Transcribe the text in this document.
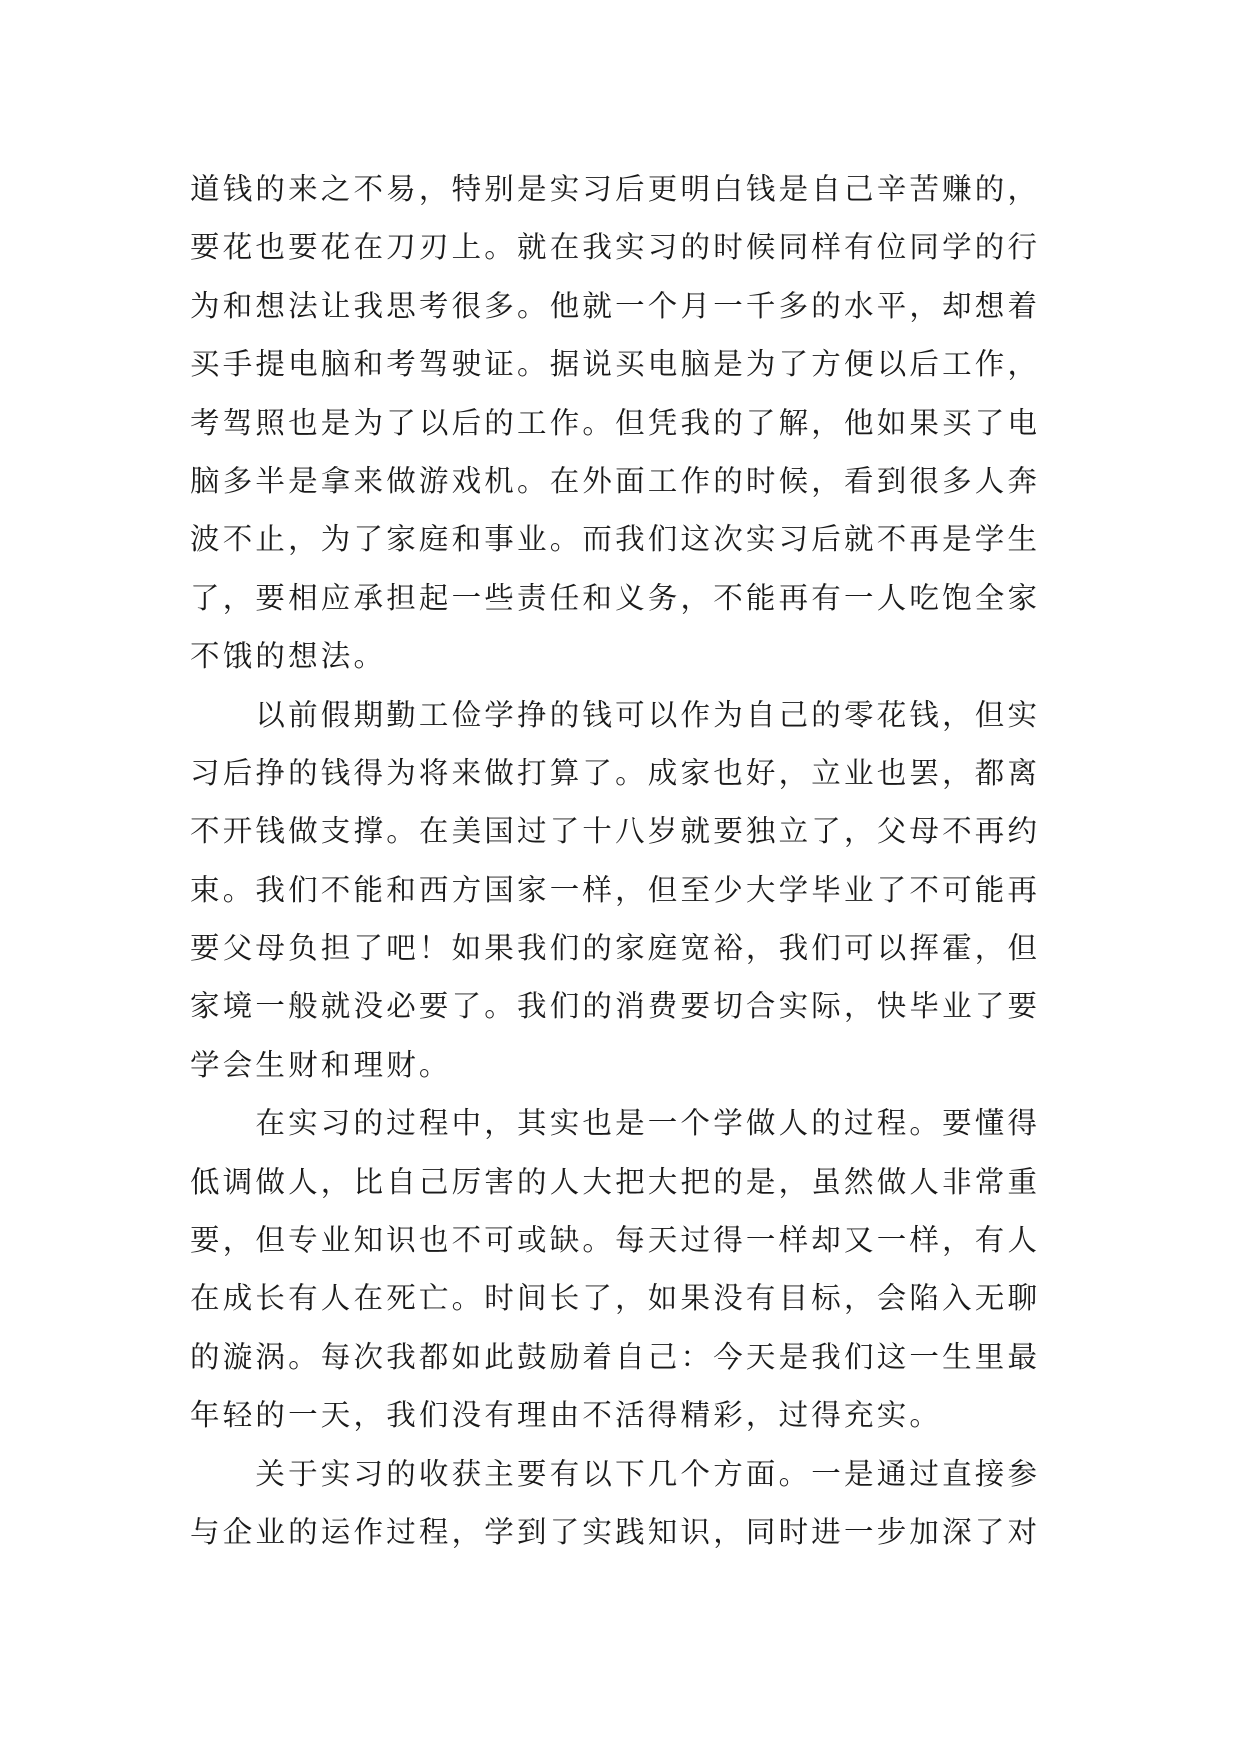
道钱的来之不易，特别是实习后更明白钱是自己辛苦赚的，
要花也要花在刀刃上。就在我实习的时候同样有位同学的行
为和想法让我思考很多。他就一个月一千多的水平，却想着
买手提电脑和考驾驶证。据说买电脑是为了方便以后工作，
考驾照也是为了以后的工作。但凭我的了解，他如果买了电
脑多半是拿来做游戏机。在外面工作的时候，看到很多人奔
波不止，为了家庭和事业。而我们这次实习后就不再是学生
了，要相应承担起一些责任和义务，不能再有一人吃饱全家
不饿的想法。
　　以前假期勤工俭学挣的钱可以作为自己的零花钱，但实
习后挣的钱得为将来做打算了。成家也好，立业也罢，都离
不开钱做支撑。在美国过了十八岁就要独立了，父母不再约
束。我们不能和西方国家一样，但至少大学毕业了不可能再
要父母负担了吧！如果我们的家庭宽裕，我们可以挥霍，但
家境一般就没必要了。我们的消费要切合实际，快毕业了要
学会生财和理财。
　　在实习的过程中，其实也是一个学做人的过程。要懂得
低调做人，比自己厉害的人大把大把的是，虽然做人非常重
要，但专业知识也不可或缺。每天过得一样却又一样，有人
在成长有人在死亡。时间长了，如果没有目标，会陷入无聊
的漩涡。每次我都如此鼓励着自己：今天是我们这一生里最
年轻的一天，我们没有理由不活得精彩，过得充实。
　　关于实习的收获主要有以下几个方面。一是通过直接参
与企业的运作过程，学到了实践知识，同时进一步加深了对
